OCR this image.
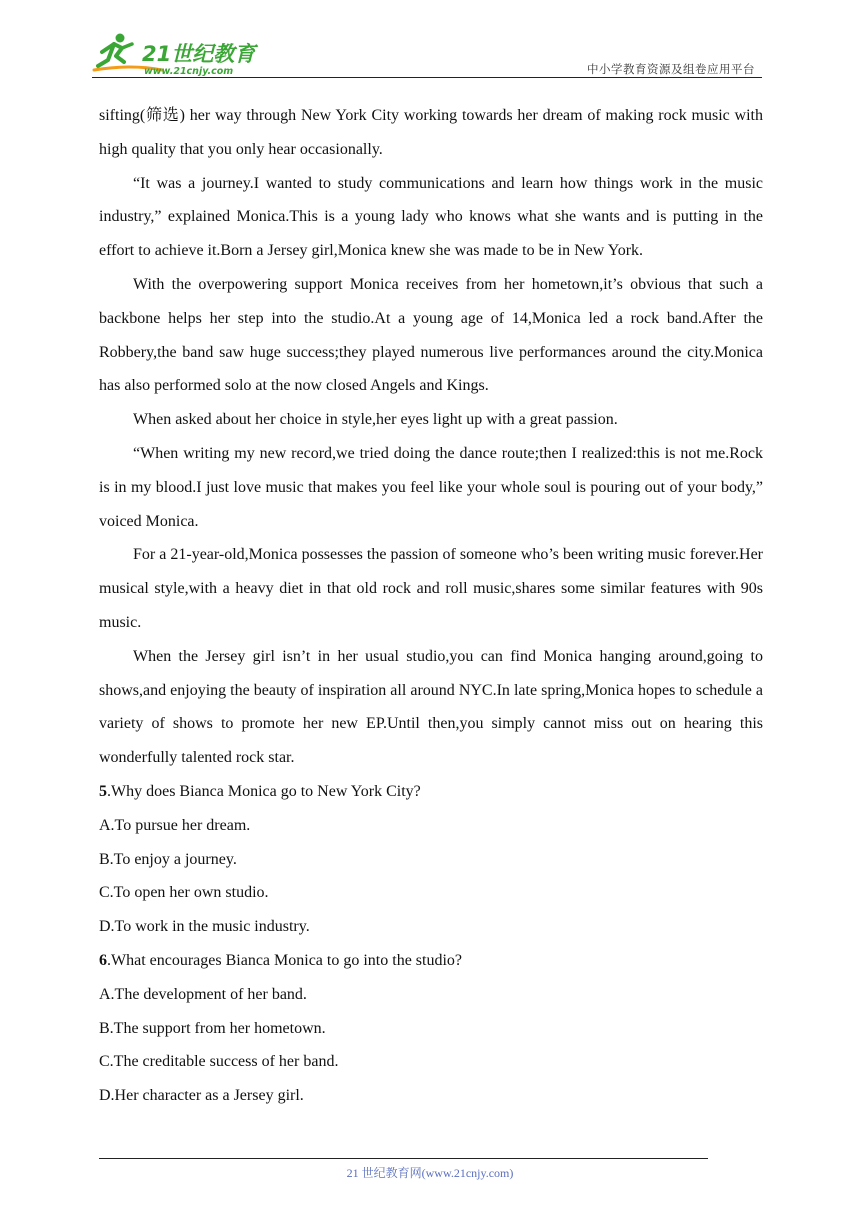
21世纪教育
www.21cnjy.com	中小学教育资源及组卷应用平台

sifting(筛选) her way through New York City working towards her dream of making rock music with high quality that you only hear occasionally.

“It was a journey.I wanted to study communications and learn how things work in the music industry,” explained Monica.This is a young lady who knows what she wants and is putting in the effort to achieve it.Born a Jersey girl,Monica knew she was made to be in New York.

With the overpowering support Monica receives from her hometown,it’s obvious that such a backbone helps her step into the studio.At a young age of 14,Monica led a rock band.After the Robbery,the band saw huge success;they played numerous live performances around the city.Monica has also performed solo at the now closed Angels and Kings.

When asked about her choice in style,her eyes light up with a great passion.

“When writing my new record,we tried doing the dance route;then I realized:this is not me.Rock is in my blood.I just love music that makes you feel like your whole soul is pouring out of your body,” voiced Monica.

For a 21-year-old,Monica possesses the passion of someone who’s been writing music forever.Her musical style,with a heavy diet in that old rock and roll music,shares some similar features with 90s music.

When the Jersey girl isn’t in her usual studio,you can find Monica hanging around,going to shows,and enjoying the beauty of inspiration all around NYC.In late spring,Monica hopes to schedule a variety of shows to promote her new EP.Until then,you simply cannot miss out on hearing this wonderfully talented rock star.

5.Why does Bianca Monica go to New York City?

A.To pursue her dream.

B.To enjoy a journey.

C.To open her own studio.

D.To work in the music industry.

6.What encourages Bianca Monica to go into the studio?

A.The development of her band.

B.The support from her hometown.

C.The creditable success of her band.

D.Her character as a Jersey girl.

21 世纪教育网(www.21cnjy.com)
